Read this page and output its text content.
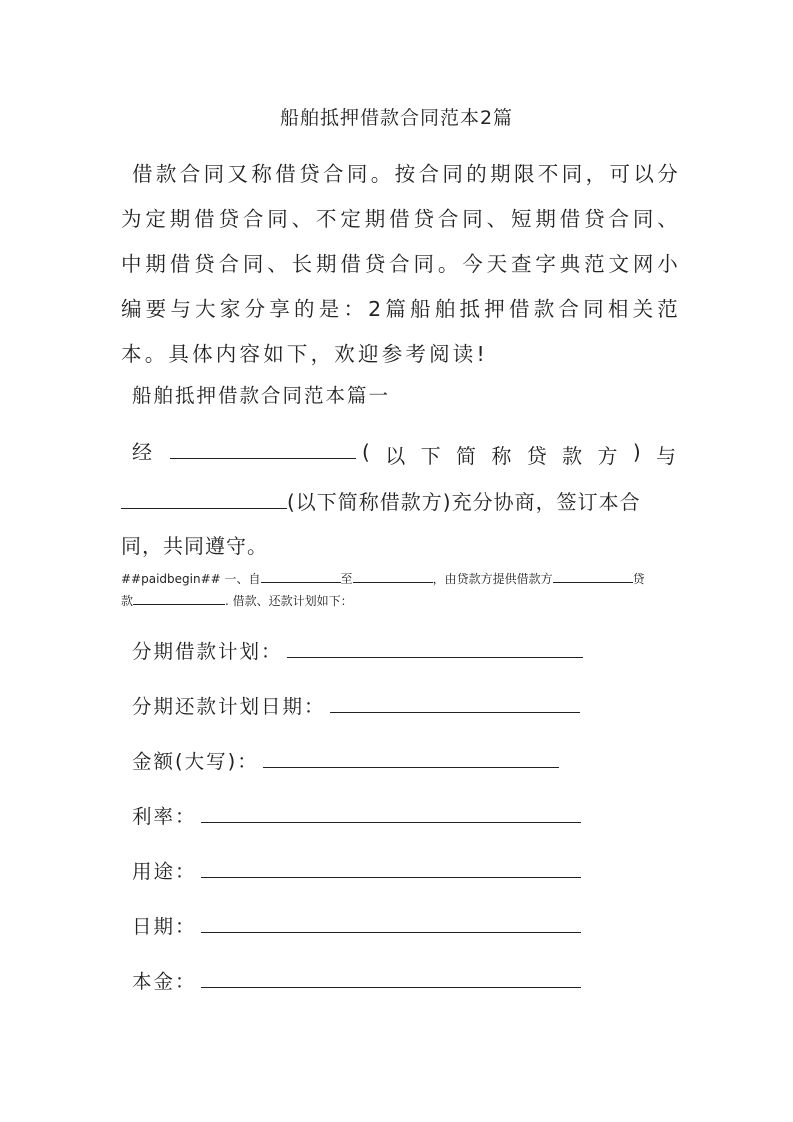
船舶抵押借款合同范本2篇
借款合同又称借贷合同。按合同的期限不同，可以分为定期借贷合同、不定期借贷合同、短期借贷合同、中期借贷合同、长期借贷合同。今天查字典范文网小编要与大家分享的是：2篇船舶抵押借款合同相关范本。具体内容如下，欢迎参考阅读!
船舶抵押借款合同范本篇一
经	( 以 下 简 称 贷 款 方 ) 与
(以下简称借款方)充分协商，签订本合同，共同遵守。
##paidbegin## 一、自	至	，由贷款方提供借款方	贷
款	. 借款、还款计划如下：
分期借款计划：
分期还款计划日期：
金额(大写)：
利率：
用途：
日期：
本金：
